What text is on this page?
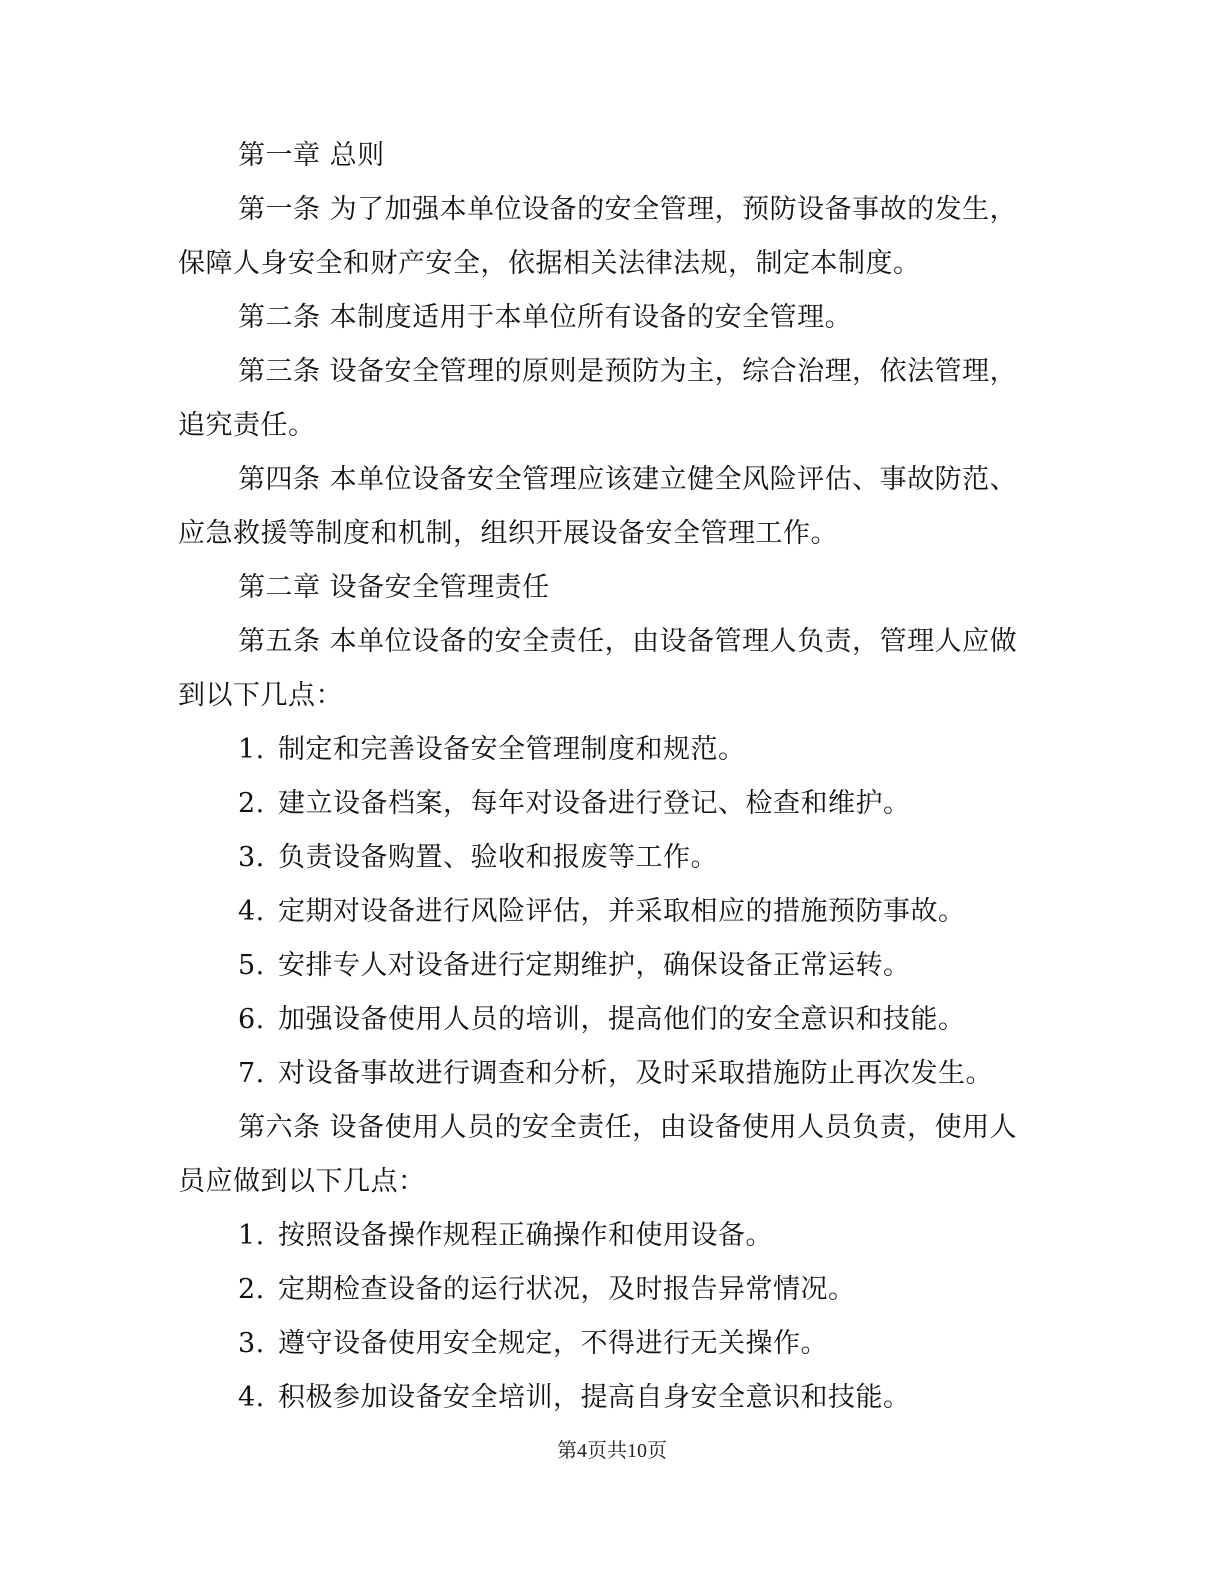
第一章 总则
第一条 为了加强本单位设备的安全管理，预防设备事故的发生，
保障人身安全和财产安全，依据相关法律法规，制定本制度。
第二条 本制度适用于本单位所有设备的安全管理。
第三条 设备安全管理的原则是预防为主，综合治理，依法管理，
追究责任。
第四条 本单位设备安全管理应该建立健全风险评估、事故防范、
应急救援等制度和机制，组织开展设备安全管理工作。
第二章 设备安全管理责任
第五条 本单位设备的安全责任，由设备管理人负责，管理人应做
到以下几点：
1. 制定和完善设备安全管理制度和规范。
2. 建立设备档案，每年对设备进行登记、检查和维护。
3. 负责设备购置、验收和报废等工作。
4. 定期对设备进行风险评估，并采取相应的措施预防事故。
5. 安排专人对设备进行定期维护，确保设备正常运转。
6. 加强设备使用人员的培训，提高他们的安全意识和技能。
7. 对设备事故进行调查和分析，及时采取措施防止再次发生。
第六条 设备使用人员的安全责任，由设备使用人员负责，使用人
员应做到以下几点：
1. 按照设备操作规程正确操作和使用设备。
2. 定期检查设备的运行状况，及时报告异常情况。
3. 遵守设备使用安全规定，不得进行无关操作。
4. 积极参加设备安全培训，提高自身安全意识和技能。
第4页共10页
